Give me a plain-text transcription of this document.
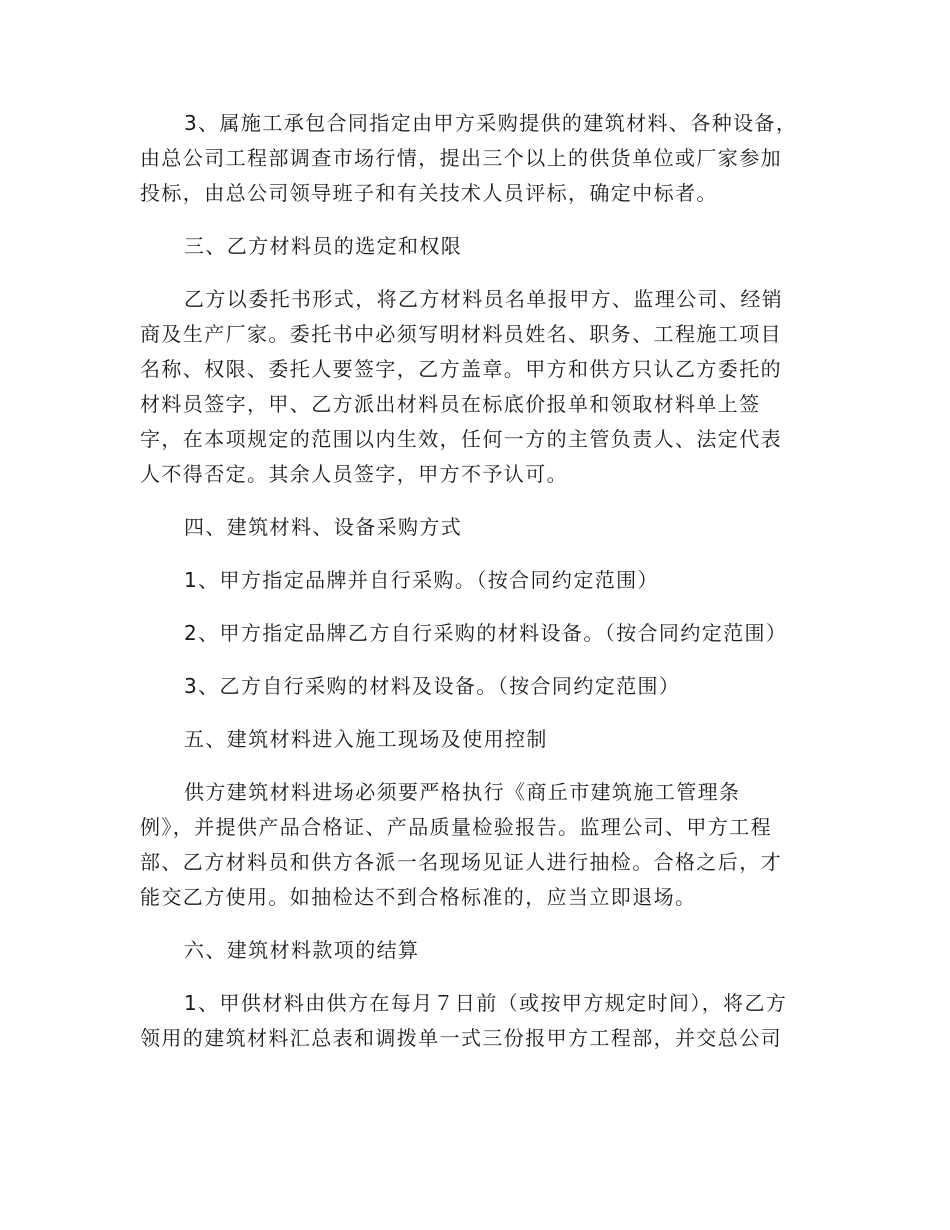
3、属施工承包合同指定由甲方采购提供的建筑材料、各种设备，
由总公司工程部调查市场行情，提出三个以上的供货单位或厂家参加
投标，由总公司领导班子和有关技术人员评标，确定中标者。

三、乙方材料员的选定和权限

乙方以委托书形式，将乙方材料员名单报甲方、监理公司、经销
商及生产厂家。委托书中必须写明材料员姓名、职务、工程施工项目
名称、权限、委托人要签字，乙方盖章。甲方和供方只认乙方委托的
材料员签字，甲、乙方派出材料员在标底价报单和领取材料单上签
字，在本项规定的范围以内生效，任何一方的主管负责人、法定代表
人不得否定。其余人员签字，甲方不予认可。

四、建筑材料、设备采购方式

1、甲方指定品牌并自行采购。（按合同约定范围）

2、甲方指定品牌乙方自行采购的材料设备。（按合同约定范围）

3、乙方自行采购的材料及设备。（按合同约定范围）

五、建筑材料进入施工现场及使用控制

供方建筑材料进场必须要严格执行《商丘市建筑施工管理条
例》，并提供产品合格证、产品质量检验报告。监理公司、甲方工程
部、乙方材料员和供方各派一名现场见证人进行抽检。合格之后，才
能交乙方使用。如抽检达不到合格标准的，应当立即退场。

六、建筑材料款项的结算

1、甲供材料由供方在每月７日前（或按甲方规定时间），将乙方
领用的建筑材料汇总表和调拨单一式三份报甲方工程部，并交总公司
